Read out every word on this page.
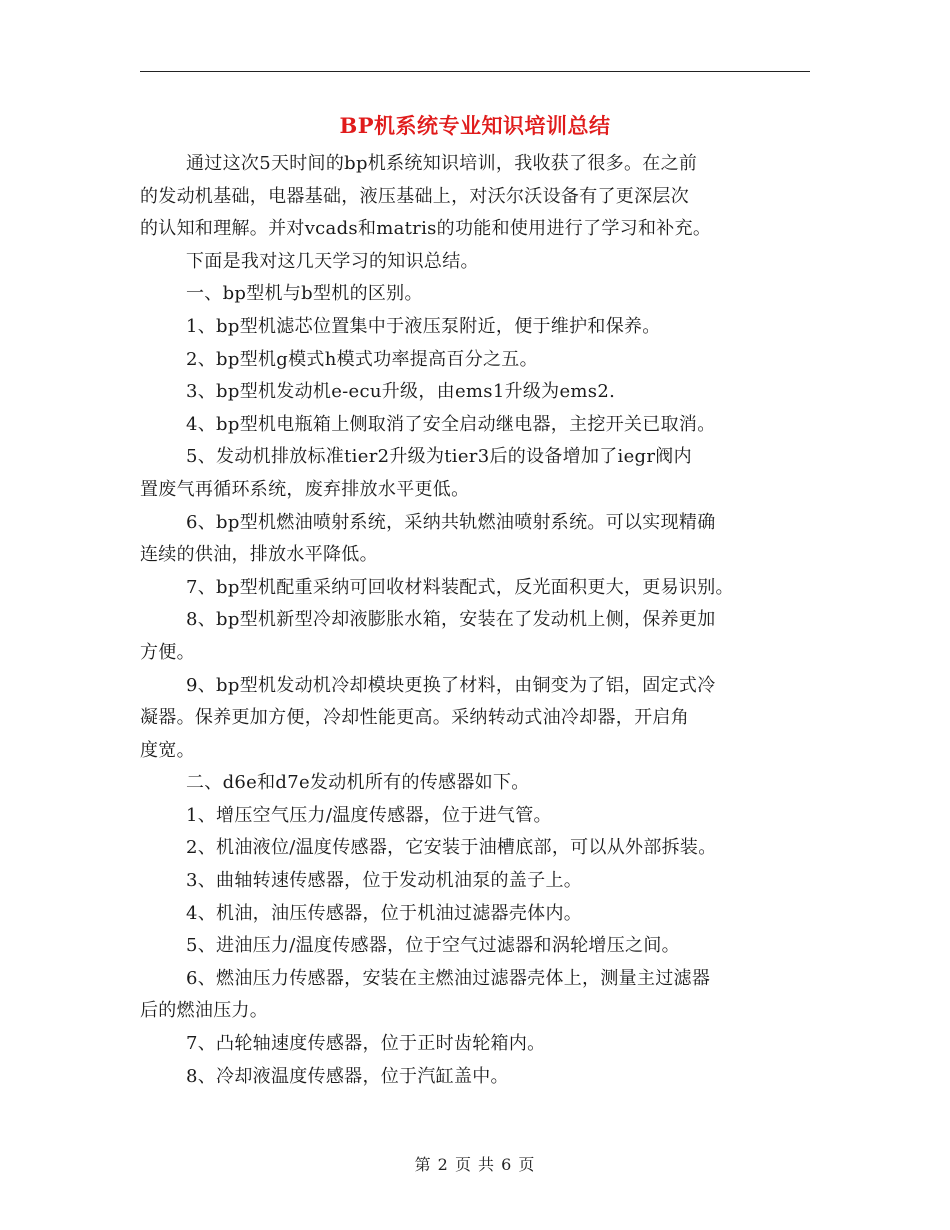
BP机系统专业知识培训总结
通过这次5天时间的bp机系统知识培训，我收获了很多。在之前
的发动机基础，电器基础，液压基础上，对沃尔沃设备有了更深层次
的认知和理解。并对vcads和matris的功能和使用进行了学习和补充。
下面是我对这几天学习的知识总结。
一、bp型机与b型机的区别。
1、bp型机滤芯位置集中于液压泵附近，便于维护和保养。
2、bp型机g模式h模式功率提高百分之五。
3、bp型机发动机e-ecu升级，由ems1升级为ems2.
4、bp型机电瓶箱上侧取消了安全启动继电器，主挖开关已取消。
5、发动机排放标准tier2升级为tier3后的设备增加了iegr阀内
置废气再循环系统，废弃排放水平更低。
6、bp型机燃油喷射系统，采纳共轨燃油喷射系统。可以实现精确
连续的供油，排放水平降低。
7、bp型机配重采纳可回收材料装配式，反光面积更大，更易识别。
8、bp型机新型冷却液膨胀水箱，安装在了发动机上侧，保养更加
方便。
9、bp型机发动机冷却模块更换了材料，由铜变为了铝，固定式冷
凝器。保养更加方便，冷却性能更高。采纳转动式油冷却器，开启角
度宽。
二、d6e和d7e发动机所有的传感器如下。
1、增压空气压力/温度传感器，位于进气管。
2、机油液位/温度传感器，它安装于油槽底部，可以从外部拆装。
3、曲轴转速传感器，位于发动机油泵的盖子上。
4、机油，油压传感器，位于机油过滤器壳体内。
5、进油压力/温度传感器，位于空气过滤器和涡轮增压之间。
6、燃油压力传感器，安装在主燃油过滤器壳体上，测量主过滤器
后的燃油压力。
7、凸轮轴速度传感器，位于正时齿轮箱内。
8、冷却液温度传感器，位于汽缸盖中。
第 2 页 共 6 页
